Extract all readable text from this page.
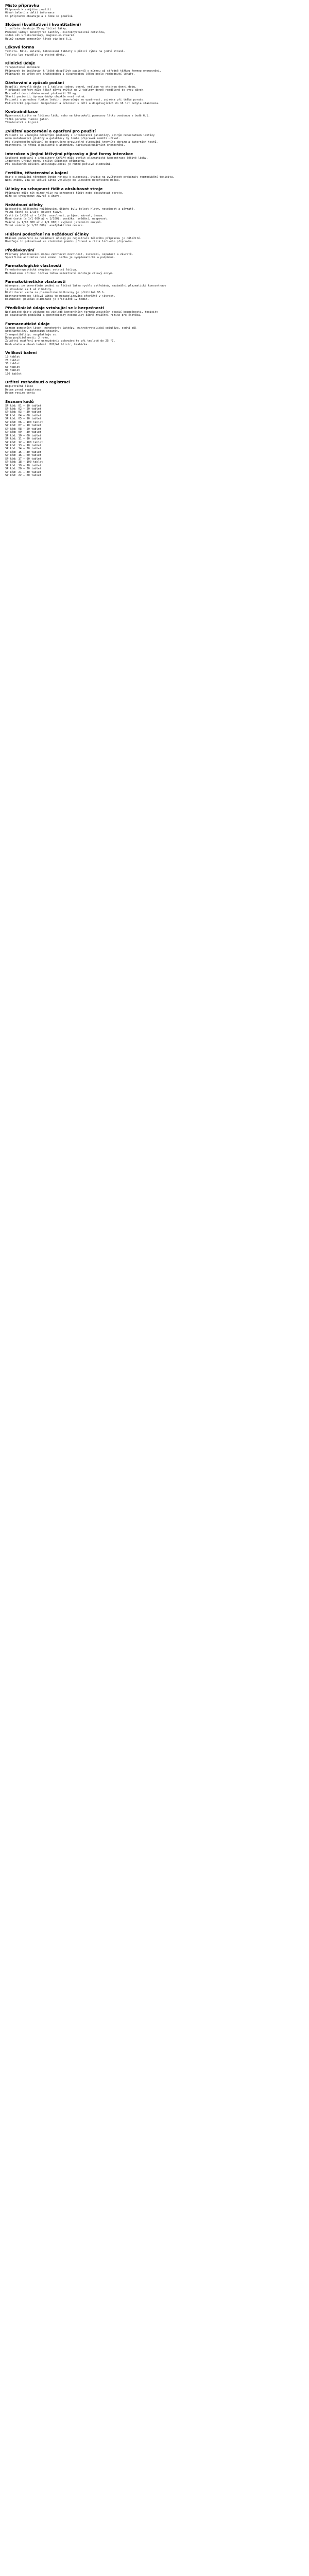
Místo přípravku
Přípravek k vnějšímu použití
Obsah balení a další informace
Co přípravek obsahuje a k čemu se používá
Složení (kvalitativní i kvantitativní)
1 tableta obsahuje 25 mg léčivé látky.
Pomocné látky: monohydrát laktózy, mikrokrystalická celulóza,
sodná sůl kroskarmelózy, magnesium-stearát.
Úplný seznam pomocných látek viz bod 6.1.
Léková forma
Tableta. Bílé, kulaté, bikonvexní tablety s půlicí rýhou na jedné straně.
Tabletu lze rozdělit na stejné dávky.
Klinické údaje
Terapeutické indikace
Přípravek je indikován k léčbě dospělých pacientů s mírnou až středně těžkou formou onemocnění.
Přípravek je určen pro krátkodobou i dlouhodobou léčbu podle rozhodnutí lékaře.
Dávkování a způsob podání
Dospělí: obvyklá dávka je 1 tableta jednou denně, nejlépe ve stejnou denní dobu.
V případě potřeby může lékař dávku zvýšit na 2 tablety denně rozdělené do dvou dávek.
Maximální denní dávka nesmí překročit 50 mg.
Starší pacienti: úprava dávky obvykle není nutná.
Pacienti s poruchou funkce ledvin: doporučuje se opatrnost, zejména při těžké poruše.
Pediatrická populace: bezpečnost a účinnost u dětí a dospívajících do 18 let nebyla stanovena.
Kontraindikace
Hypersenzitivita na léčivou látku nebo na kteroukoli pomocnou látku uvedenou v bodě 6.1.
Těžká porucha funkce jater.
Těhotenství a kojení.
Zvláštní upozornění a opatření pro použití
Pacienti se vzácnými dědičnými problémy s intolerancí galaktózy, úplným nedostatkem laktázy
nebo malabsorpcí glukózy a galaktózy by tento přípravek neměli užívat.
Při dlouhodobém užívání je doporučeno pravidelné sledování krevního obrazu a jaterních testů.
Opatrnosti je třeba u pacientů s anamnézou kardiovaskulárních onemocnění.
Interakce s jinými léčivými přípravky a jiné formy interakce
Současné podávání s inhibitory CYP3A4 může zvýšit plazmatické koncentrace léčivé látky.
Induktory CYP3A4 mohou snížit účinnost přípravku.
Při současném užívání antikoagulancií je nutné pečlivé sledování.
Fertilita, těhotenství a kojení
Údaje o podávání těhotným ženám nejsou k dispozici. Studie na zvířatech prokázaly reprodukční toxicitu.
Není známo, zda se léčivá látka vylučuje do lidského mateřského mléka.
Účinky na schopnost řídit a obsluhovat stroje
Přípravek může mít mírný vliv na schopnost řídit nebo obsluhovat stroje.
Může se vyskytnout závrať a únava.
Nežádoucí účinky
Nejčastěji hlášenými nežádoucími účinky byly bolest hlavy, nevolnost a závratě.
Velmi časté (≥ 1/10): bolest hlavy.
Časté (≥ 1/100 až < 1/10): nevolnost, průjem, závrať, únava.
Méně časté (≥ 1/1 000 až < 1/100): vyrážka, svědění, nespavost.
Vzácné (≥ 1/10 000 až < 1/1 000): zvýšení jaterních enzymů.
Velmi vzácné (< 1/10 000): anafylaktická reakce.
Hlášení podezření na nežádoucí účinky
Hlášení podezření na nežádoucí účinky po registraci léčivého přípravku je důležité.
Umožňuje to pokračovat ve sledování poměru přínosů a rizik léčivého přípravku.
Předávkování
Příznaky předávkování mohou zahrnovat nevolnost, zvracení, ospalost a závratě.
Specifické antidotum není známo. Léčba je symptomatická a podpůrná.
Farmakologické vlastnosti
Farmakoterapeutická skupina: ostatní léčiva.
Mechanismus účinku: léčivá látka selektivně inhibuje cílový enzym.
Farmakokinetické vlastnosti
Absorpce: po perorálním podání se léčivá látka rychle vstřebává, maximální plazmatické koncentrace
je dosaženo za 1 až 2 hodiny.
Distribuce: vazba na plazmatické bílkoviny je přibližně 95 %.
Biotransformace: léčivá látka je metabolizována převážně v játrech.
Eliminace: poločas eliminace je přibližně 12 hodin.
Předklinické údaje vztahující se k bezpečnosti
Neklinické údaje získané na základě konvenčních farmakologických studií bezpečnosti, toxicity
po opakovaném podávání a genotoxicity neodhalily žádné zvláštní riziko pro člověka.
Farmaceutické údaje
Seznam pomocných látek: monohydrát laktózy, mikrokrystalická celulóza, sodná sůl
kroskarmelózy, magnesium-stearát.
Inkompatibility: neuplatňuje se.
Doba použitelnosti: 3 roky.
Zvláštní opatření pro uchovávání: uchovávejte při teplotě do 25 °C.
Druh obalu a obsah balení: PVC/Al blistr, krabička.
Velikost balení
10 tablet
20 tablet
30 tablet
60 tablet
90 tablet
100 tablet
Držitel rozhodnutí o registraci
Registrační číslo
Datum první registrace
Datum revize textu
Seznam kódů
SP kód: 01 — 10 tablet
SP kód: 02 — 20 tablet
SP kód: 03 — 30 tablet
SP kód: 04 — 60 tablet
SP kód: 05 — 90 tablet
SP kód: 06 — 100 tablet
SP kód: 07 — 10 tablet
SP kód: 08 — 20 tablet
SP kód: 09 — 30 tablet
SP kód: 10 — 60 tablet
SP kód: 11 — 90 tablet
SP kód: 12 — 100 tablet
SP kód: 13 — 10 tablet
SP kód: 14 — 20 tablet
SP kód: 15 — 30 tablet
SP kód: 16 — 60 tablet
SP kód: 17 — 90 tablet
SP kód: 18 — 100 tablet
SP kód: 19 — 10 tablet
SP kód: 20 — 20 tablet
SP kód: 21 — 30 tablet
SP kód: 22 — 60 tablet
